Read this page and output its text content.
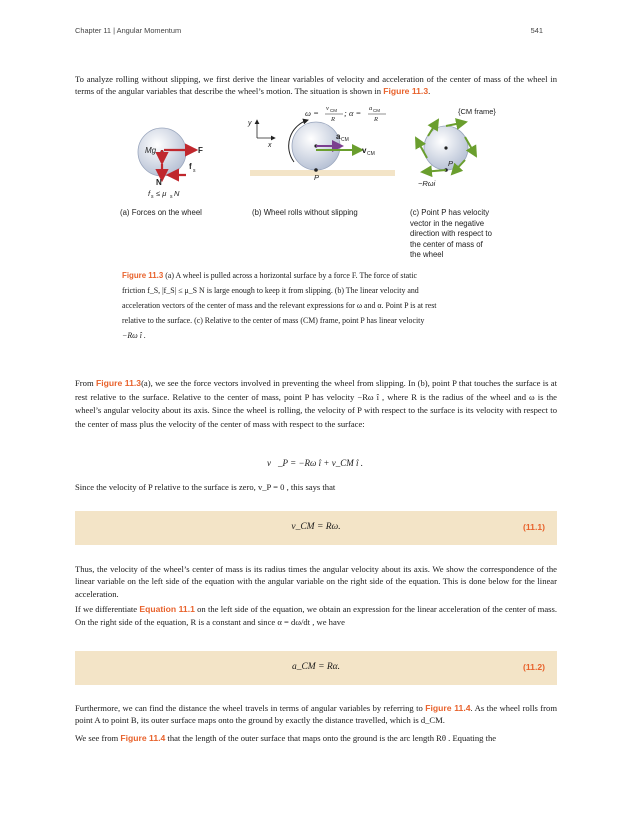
Chapter 11 | Angular Momentum	541
To analyze rolling without slipping, we first derive the linear variables of velocity and acceleration of the center of mass of the wheel in terms of the angular variables that describe the wheel’s motion. The situation is shown in Figure 11.3.
ω = v CM
R
; α = a CM
R
Mg	F
f s
N
f s ≤ μ s N
y
x
a CM
v CM
P
{CM frame}
P
−Rωi
(a) Forces on the wheel	(b) Wheel rolls without slipping	(c) Point P has velocity
vector in the negative
direction with respect to
the center of mass of
the wheel
Figure 11.3 (a) A wheel is pulled across a horizontal surface by a force F. The force of static
friction f_S, |f_S| ≤ μ_S N is large enough to keep it from slipping. (b) The linear velocity and
acceleration vectors of the center of mass and the relevant expressions for ω and α. Point P is at rest
relative to the surface. (c) Relative to the center of mass (CM) frame, point P has linear velocity
−Rω î .
From Figure 11.3(a), we see the force vectors involved in preventing the wheel from slipping. In (b), point P that touches the surface is at rest relative to the surface. Relative to the center of mass, point P has velocity −Rω î , where R is the radius of the wheel and ω is the wheel’s angular velocity about its axis. Since the wheel is rolling, the velocity of P with respect to the surface is its velocity with respect to the center of mass plus the velocity of the center of mass with respect to the surface:
v⃗_P = −Rω î + v_CM î .
Since the velocity of P relative to the surface is zero, v_P = 0 , this says that
v_CM = Rω.	(11.1)
Thus, the velocity of the wheel’s center of mass is its radius times the angular velocity about its axis. We show the correspondence of the linear variable on the left side of the equation with the angular variable on the right side of the equation. This is done below for the linear acceleration.
If we differentiate Equation 11.1 on the left side of the equation, we obtain an expression for the linear acceleration of the center of mass. On the right side of the equation, R is a constant and since α = dω/dt , we have
a_CM = Rα.	(11.2)
Furthermore, we can find the distance the wheel travels in terms of angular variables by referring to Figure 11.4. As the wheel rolls from point A to point B, its outer surface maps onto the ground by exactly the distance travelled, which is d_CM.
We see from Figure 11.4 that the length of the outer surface that maps onto the ground is the arc length Rθ . Equating the
